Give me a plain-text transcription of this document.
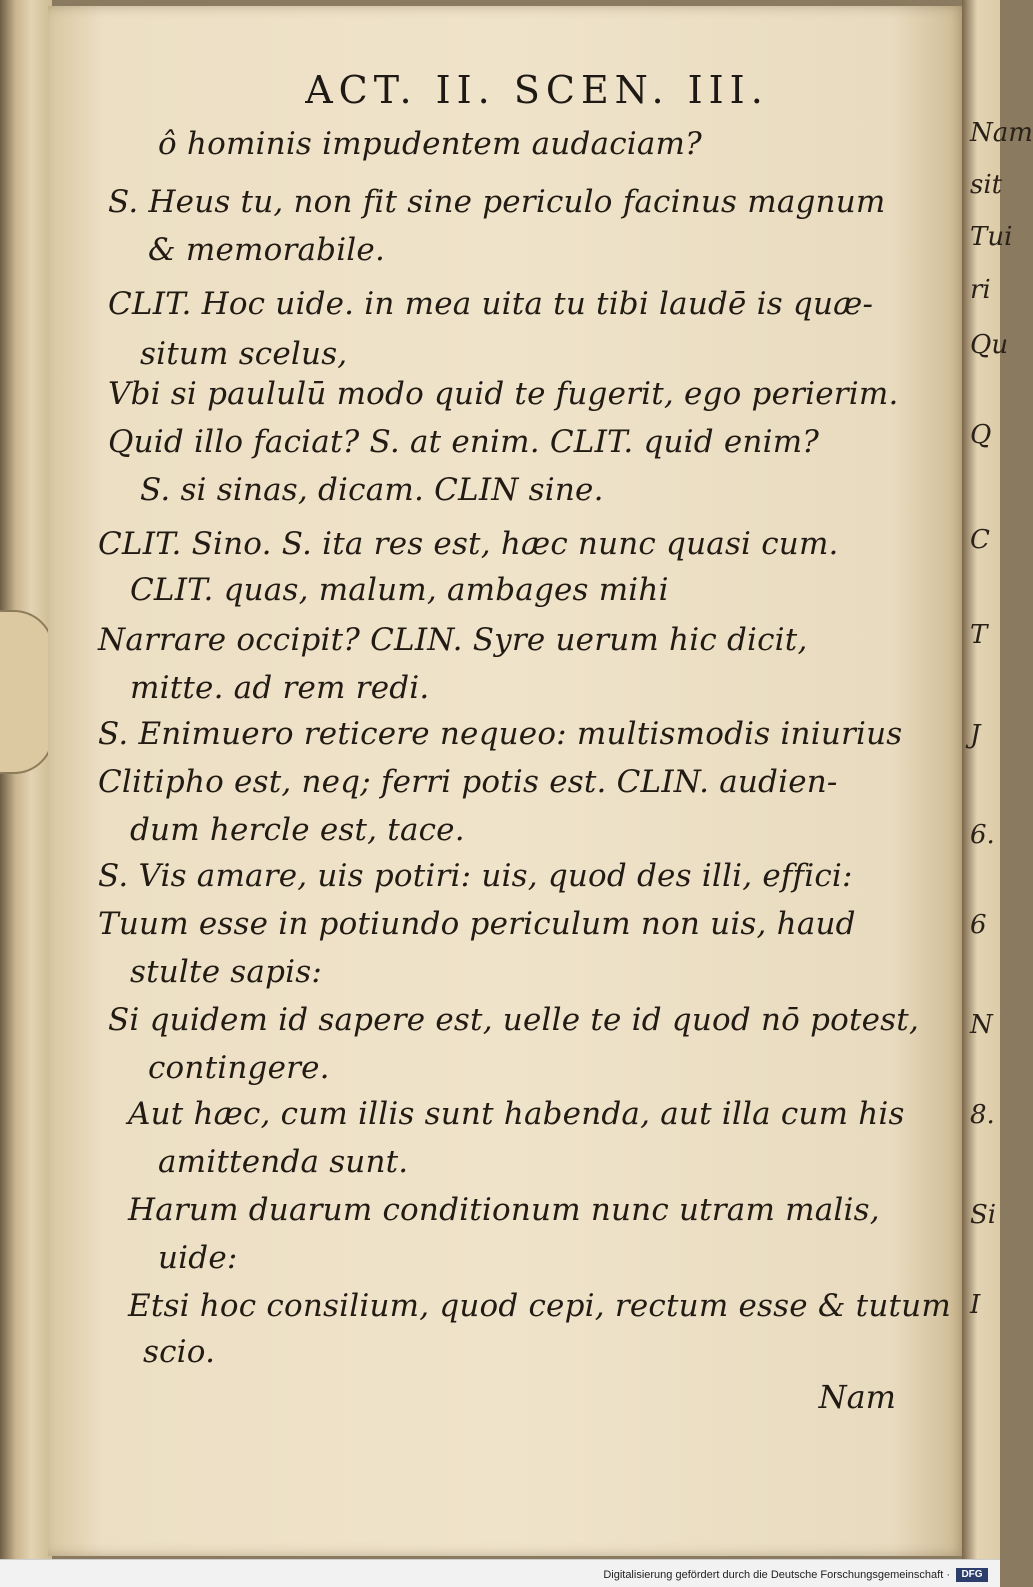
ACT. II. SCEN. III.
ô hominis impudentem audaciam?
S. Heus tu, non fit sine periculo facinus magnum
& memorabile.
CLIT. Hoc uide. in mea uita tu tibi laudē is quæ-
situm scelus,
Vbi si paululū modo quid te fugerit, ego perierim.
Quid illo faciat? S. at enim. CLIT. quid enim?
S. si sinas, dicam. CLIN sine.
CLIT. Sino. S. ita res est, hæc nunc quasi cum.
CLIT. quas, malum, ambages mihi
Narrare occipit? CLIN. Syre uerum hic dicit,
mitte. ad rem redi.
S. Enimuero reticere nequeo: multismodis iniurius
Clitipho est, neq; ferri potis est. CLIN. audien-
dum hercle est, tace.
S. Vis amare, uis potiri: uis, quod des illi, effici:
Tuum esse in potiundo periculum non uis, haud
stulte sapis:
Si quidem id sapere est, uelle te id quod nō potest,
contingere.
Aut hæc, cum illis sunt habenda, aut illa cum his
amittenda sunt.
Harum duarum conditionum nunc utram malis,
uide:
Etsi hoc consilium, quod cepi, rectum esse & tutum
scio.
Nam
Nam
sit
Tui
ri
Qu
Q
C
T
J
6.
6
N
8.
Si
I
Digitalisierung gefördert durch die Deutsche Forschungsgemeinschaft ·	DFG
